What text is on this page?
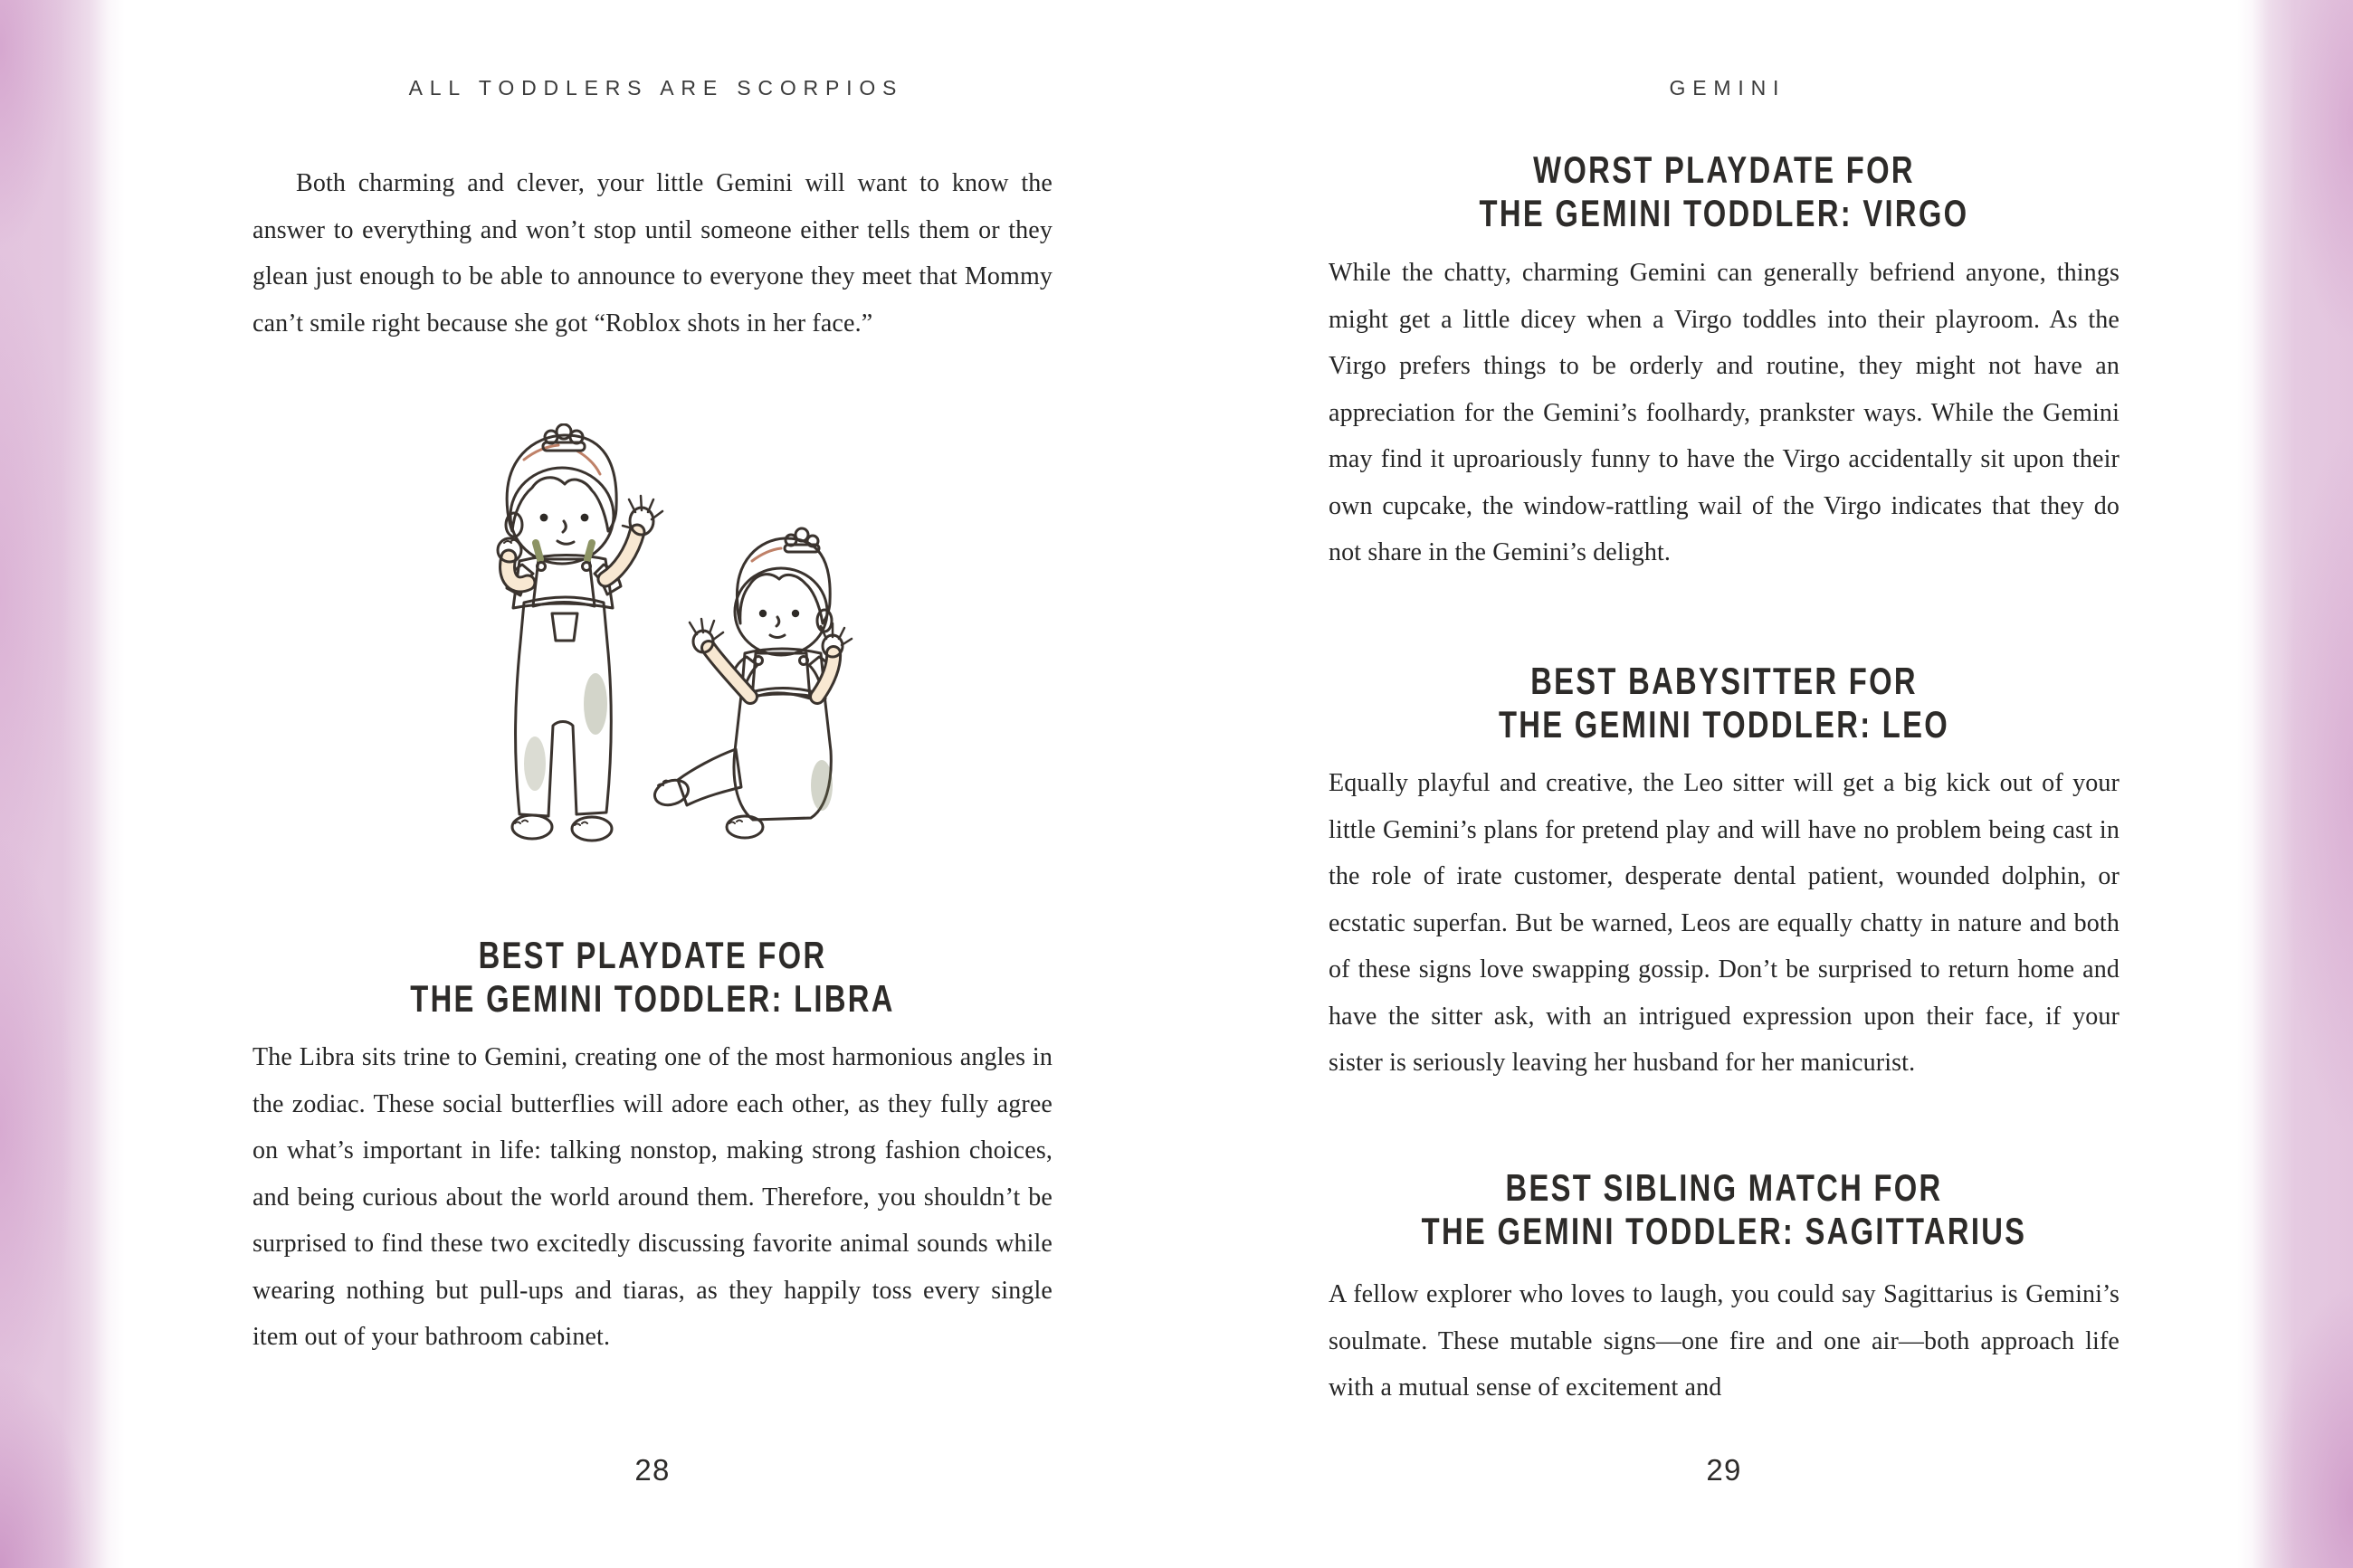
ALL TODDLERS ARE SCORPIOS

Both charming and clever, your little Gemini will want to know the answer to everything and won’t stop until someone either tells them or they glean just enough to be able to announce to everyone they meet that Mommy can’t smile right because she got “Roblox shots in her face.”

BEST PLAYDATE FOR
THE GEMINI TODDLER: LIBRA

The Libra sits trine to Gemini, creating one of the most harmonious angles in the zodiac. These social butterflies will adore each other, as they fully agree on what’s important in life: talking nonstop, making strong fashion choices, and being curious about the world around them. Therefore, you shouldn’t be surprised to find these two excitedly discussing favorite animal sounds while wearing nothing but pull-ups and tiaras, as they happily toss every single item out of your bathroom cabinet.

28
GEMINI
WORST PLAYDATE FOR
THE GEMINI TODDLER: VIRGO

While the chatty, charming Gemini can generally befriend anyone, things might get a little dicey when a Virgo toddles into their playroom. As the Virgo prefers things to be orderly and routine, they might not have an appreciation for the Gemini’s foolhardy, prankster ways. While the Gemini may find it uproariously funny to have the Virgo accidentally sit upon their own cupcake, the window-rattling wail of the Virgo indicates that they do not share in the Gemini’s delight.

BEST BABYSITTER FOR
THE GEMINI TODDLER: LEO

Equally playful and creative, the Leo sitter will get a big kick out of your little Gemini’s plans for pretend play and will have no problem being cast in the role of irate customer, desperate dental patient, wounded dolphin, or ecstatic superfan. But be warned, Leos are equally chatty in nature and both of these signs love swapping gossip. Don’t be surprised to return home and have the sitter ask, with an intrigued expression upon their face, if your sister is seriously leaving her husband for her manicurist.

BEST SIBLING MATCH FOR
THE GEMINI TODDLER: SAGITTARIUS

A fellow explorer who loves to laugh, you could say Sagittarius is Gemini’s soulmate. These mutable signs—one fire and one air—both approach life with a mutual sense of excitement and

29
